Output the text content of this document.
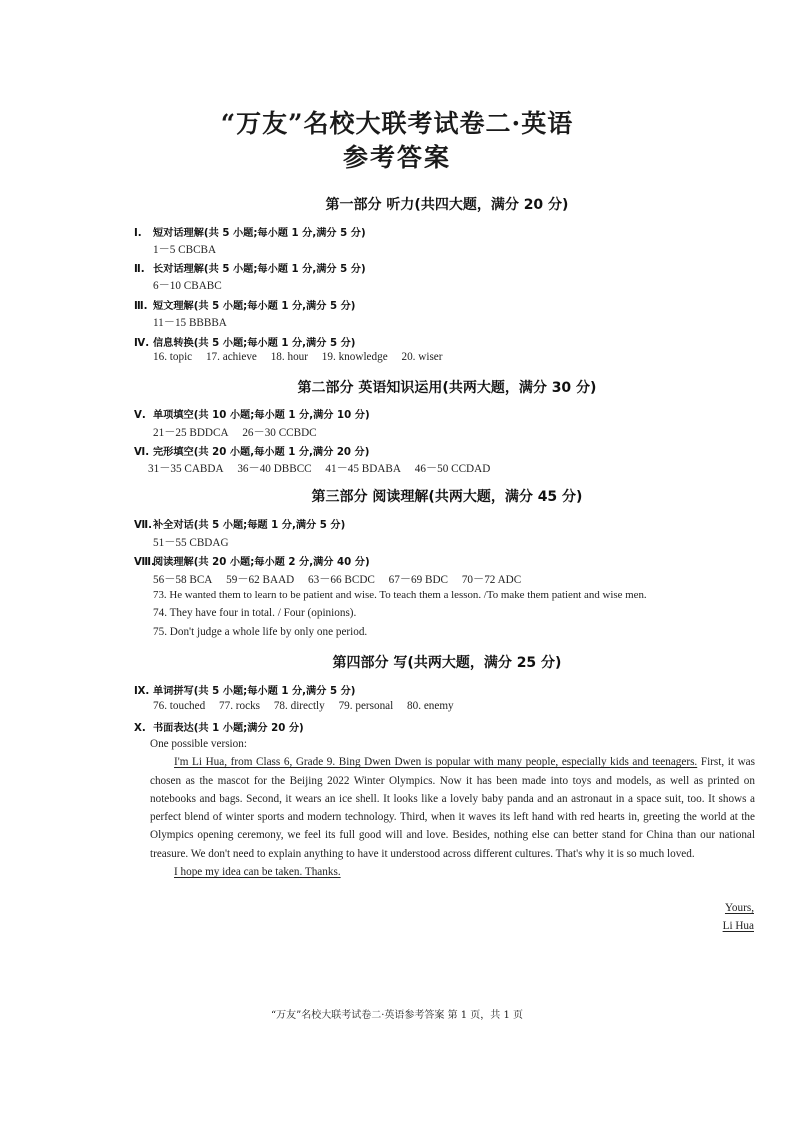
“万友”名校大联考试卷二·英语
参考答案
第一部分 听力(共四大题，满分 20 分)
Ⅰ. 短对话理解(共 5 小题;每小题 1 分,满分 5 分)
1－5 CBCBA
Ⅱ. 长对话理解(共 5 小题;每小题 1 分,满分 5 分)
6－10 CBABC
Ⅲ. 短文理解(共 5 小题;每小题 1 分,满分 5 分)
11－15 BBBBA
Ⅳ. 信息转换(共 5 小题;每小题 1 分,满分 5 分)
16. topic 17. achieve 18. hour 19. knowledge 20. wiser
第二部分 英语知识运用(共两大题，满分 30 分)
Ⅴ. 单项填空(共 10 小题;每小题 1 分,满分 10 分)
21－25 BDDCA 26－30 CCBDC
Ⅵ. 完形填空(共 20 小题,每小题 1 分,满分 20 分)
31－35 CABDA 36－40 DBBCC 41－45 BDABA 46－50 CCDAD
第三部分 阅读理解(共两大题，满分 45 分)
Ⅶ.补全对话(共 5 小题;每题 1 分,满分 5 分)
51－55 CBDAG
Ⅷ.阅读理解(共 20 小题;每小题 2 分,满分 40 分)
56－58 BCA 59－62 BAAD 63－66 BCDC 67－69 BDC 70－72 ADC
73. He wanted them to learn to be patient and wise. To teach them a lesson. /To make them patient and wise men.
74. They have four in total. / Four (opinions).
75. Don't judge a whole life by only one period.
第四部分 写(共两大题，满分 25 分)
Ⅸ. 单词拼写(共 5 小题;每小题 1 分,满分 5 分)
76. touched 77. rocks 78. directly 79. personal 80. enemy
Ⅹ. 书面表达(共 1 小题;满分 20 分)

One possible version:

I'm Li Hua, from Class 6, Grade 9. Bing Dwen Dwen is popular with many people, especially kids and teenagers. First, it was chosen as the mascot for the Beijing 2022 Winter Olympics. Now it has been made into toys and models, as well as printed on notebooks and bags. Second, it wears an ice shell. It looks like a lovely baby panda and an astronaut in a space suit, too. It shows a perfect blend of winter sports and modern technology. Third, when it waves its left hand with red hearts in, greeting the world at the Olympics opening ceremony, we feel its full good will and love. Besides, nothing else can better stand for China than our national treasure. We don't need to explain anything to have it understood across different cultures. That's why it is so much loved.

I hope my idea can be taken. Thanks.

Yours,
Li Hua
“万友”名校大联考试卷二·英语参考答案 第 1 页，共 1 页
